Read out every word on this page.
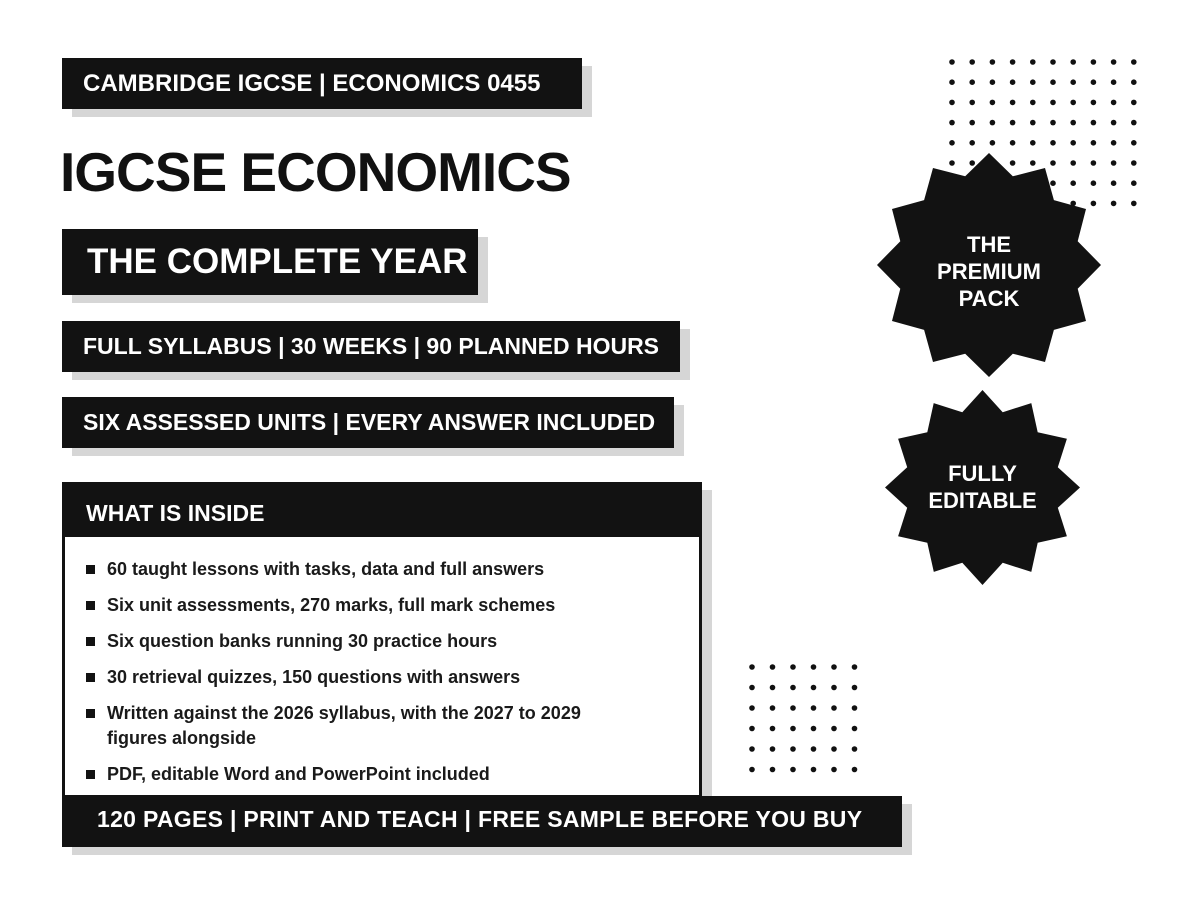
CAMBRIDGE IGCSE | ECONOMICS 0455
IGCSE ECONOMICS
THE COMPLETE YEAR
FULL SYLLABUS | 30 WEEKS | 90 PLANNED HOURS
SIX ASSESSED UNITS | EVERY ANSWER INCLUDED
WHAT IS INSIDE
60 taught lessons with tasks, data and full answers
Six unit assessments, 270 marks, full mark schemes
Six question banks running 30 practice hours
30 retrieval quizzes, 150 questions with answers
Written against the 2026 syllabus, with the 2027 to 2029 figures alongside
PDF, editable Word and PowerPoint included
120 PAGES | PRINT AND TEACH | FREE SAMPLE BEFORE YOU BUY
THE
PREMIUM
PACK
FULLY
EDITABLE
